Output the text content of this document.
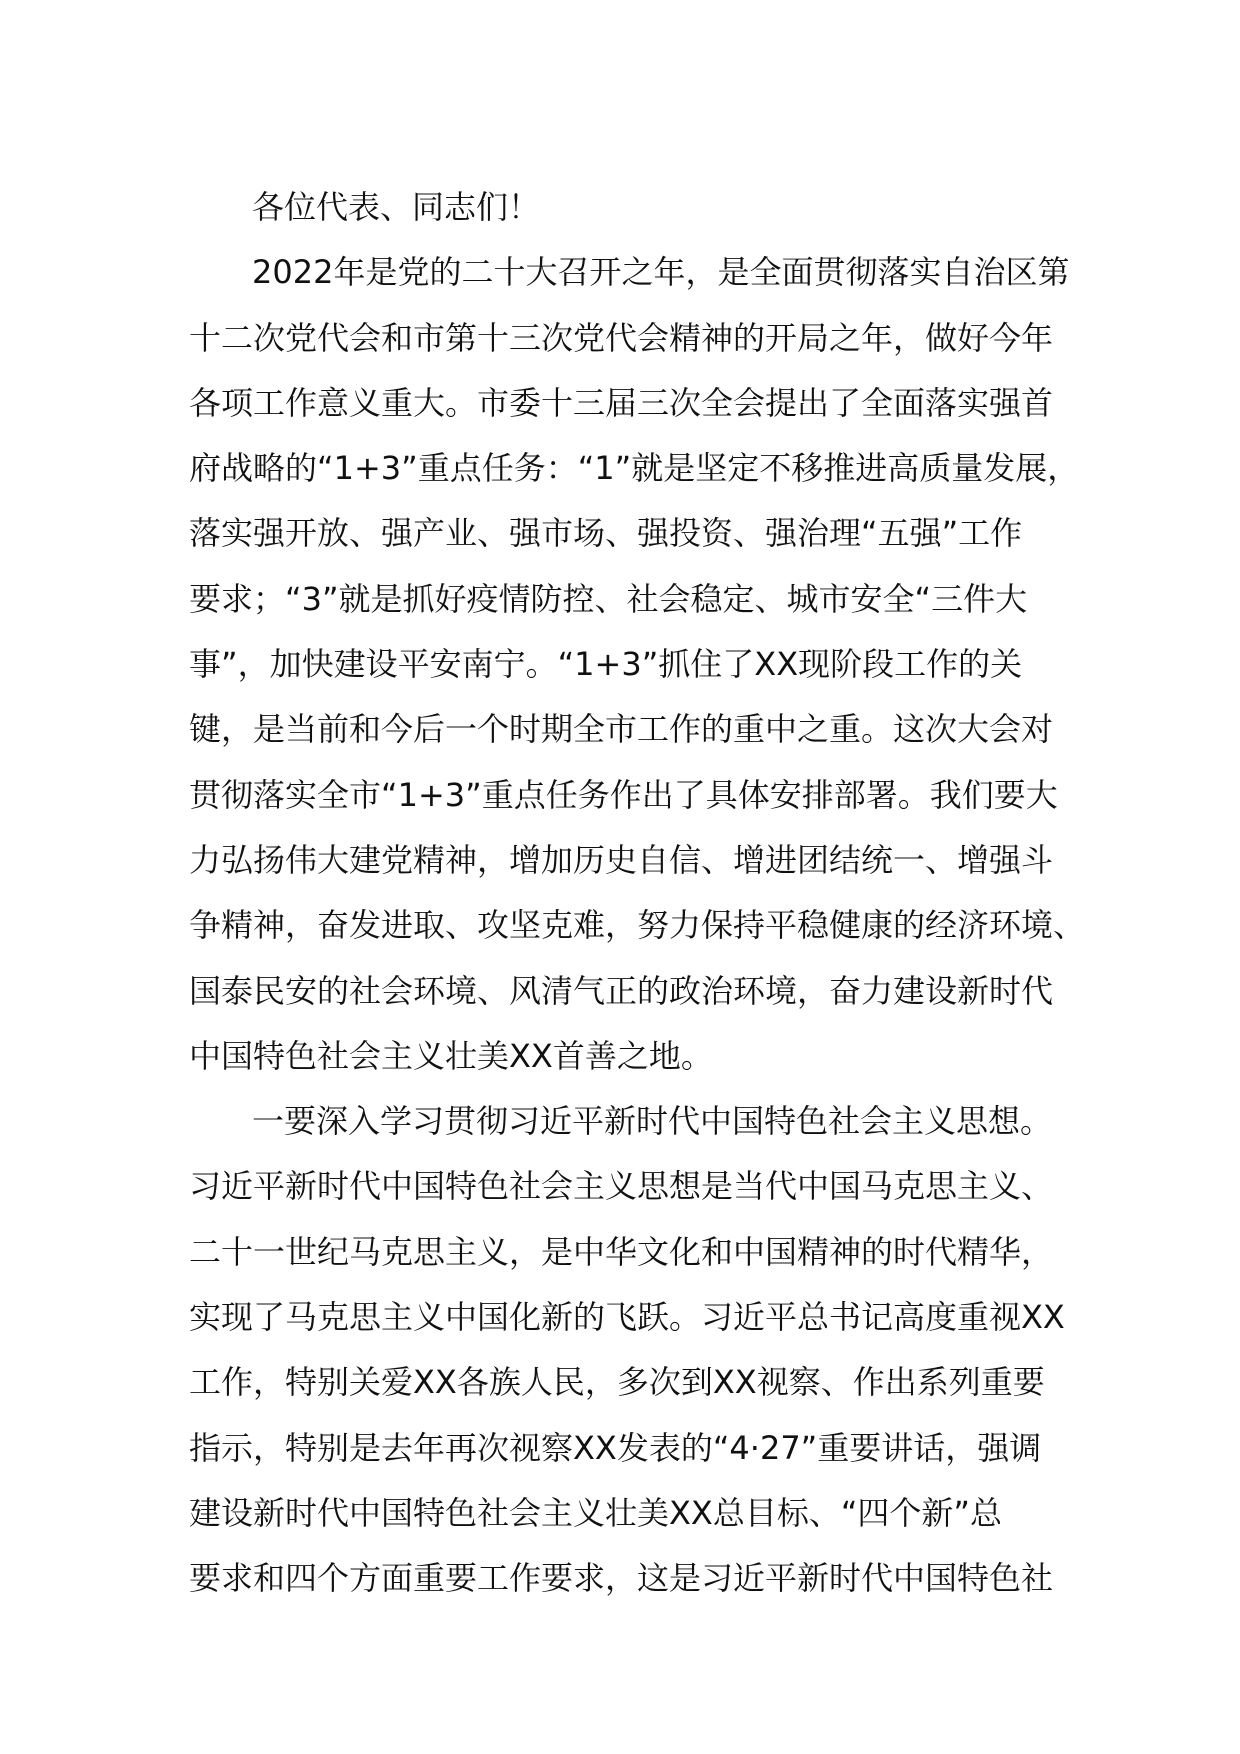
各位代表、同志们！
2022年是党的二十大召开之年，是全面贯彻落实自治区第
十二次党代会和市第十三次党代会精神的开局之年，做好今年
各项工作意义重大。市委十三届三次全会提出了全面落实强首
府战略的“1+3”重点任务：“1”就是坚定不移推进高质量发展，
落实强开放、强产业、强市场、强投资、强治理“五强”工作
要求；“3”就是抓好疫情防控、社会稳定、城市安全“三件大
事”，加快建设平安南宁。“1+3”抓住了XX现阶段工作的关
键，是当前和今后一个时期全市工作的重中之重。这次大会对
贯彻落实全市“1+3”重点任务作出了具体安排部署。我们要大
力弘扬伟大建党精神，增加历史自信、增进团结统一、增强斗
争精神，奋发进取、攻坚克难，努力保持平稳健康的经济环境、
国泰民安的社会环境、风清气正的政治环境，奋力建设新时代
中国特色社会主义壮美XX首善之地。
一要深入学习贯彻习近平新时代中国特色社会主义思想。
习近平新时代中国特色社会主义思想是当代中国马克思主义、
二十一世纪马克思主义，是中华文化和中国精神的时代精华，
实现了马克思主义中国化新的飞跃。习近平总书记高度重视XX
工作，特别关爱XX各族人民，多次到XX视察、作出系列重要
指示，特别是去年再次视察XX发表的“4·27”重要讲话，强调
建设新时代中国特色社会主义壮美XX总目标、“四个新”总
要求和四个方面重要工作要求，这是习近平新时代中国特色社
